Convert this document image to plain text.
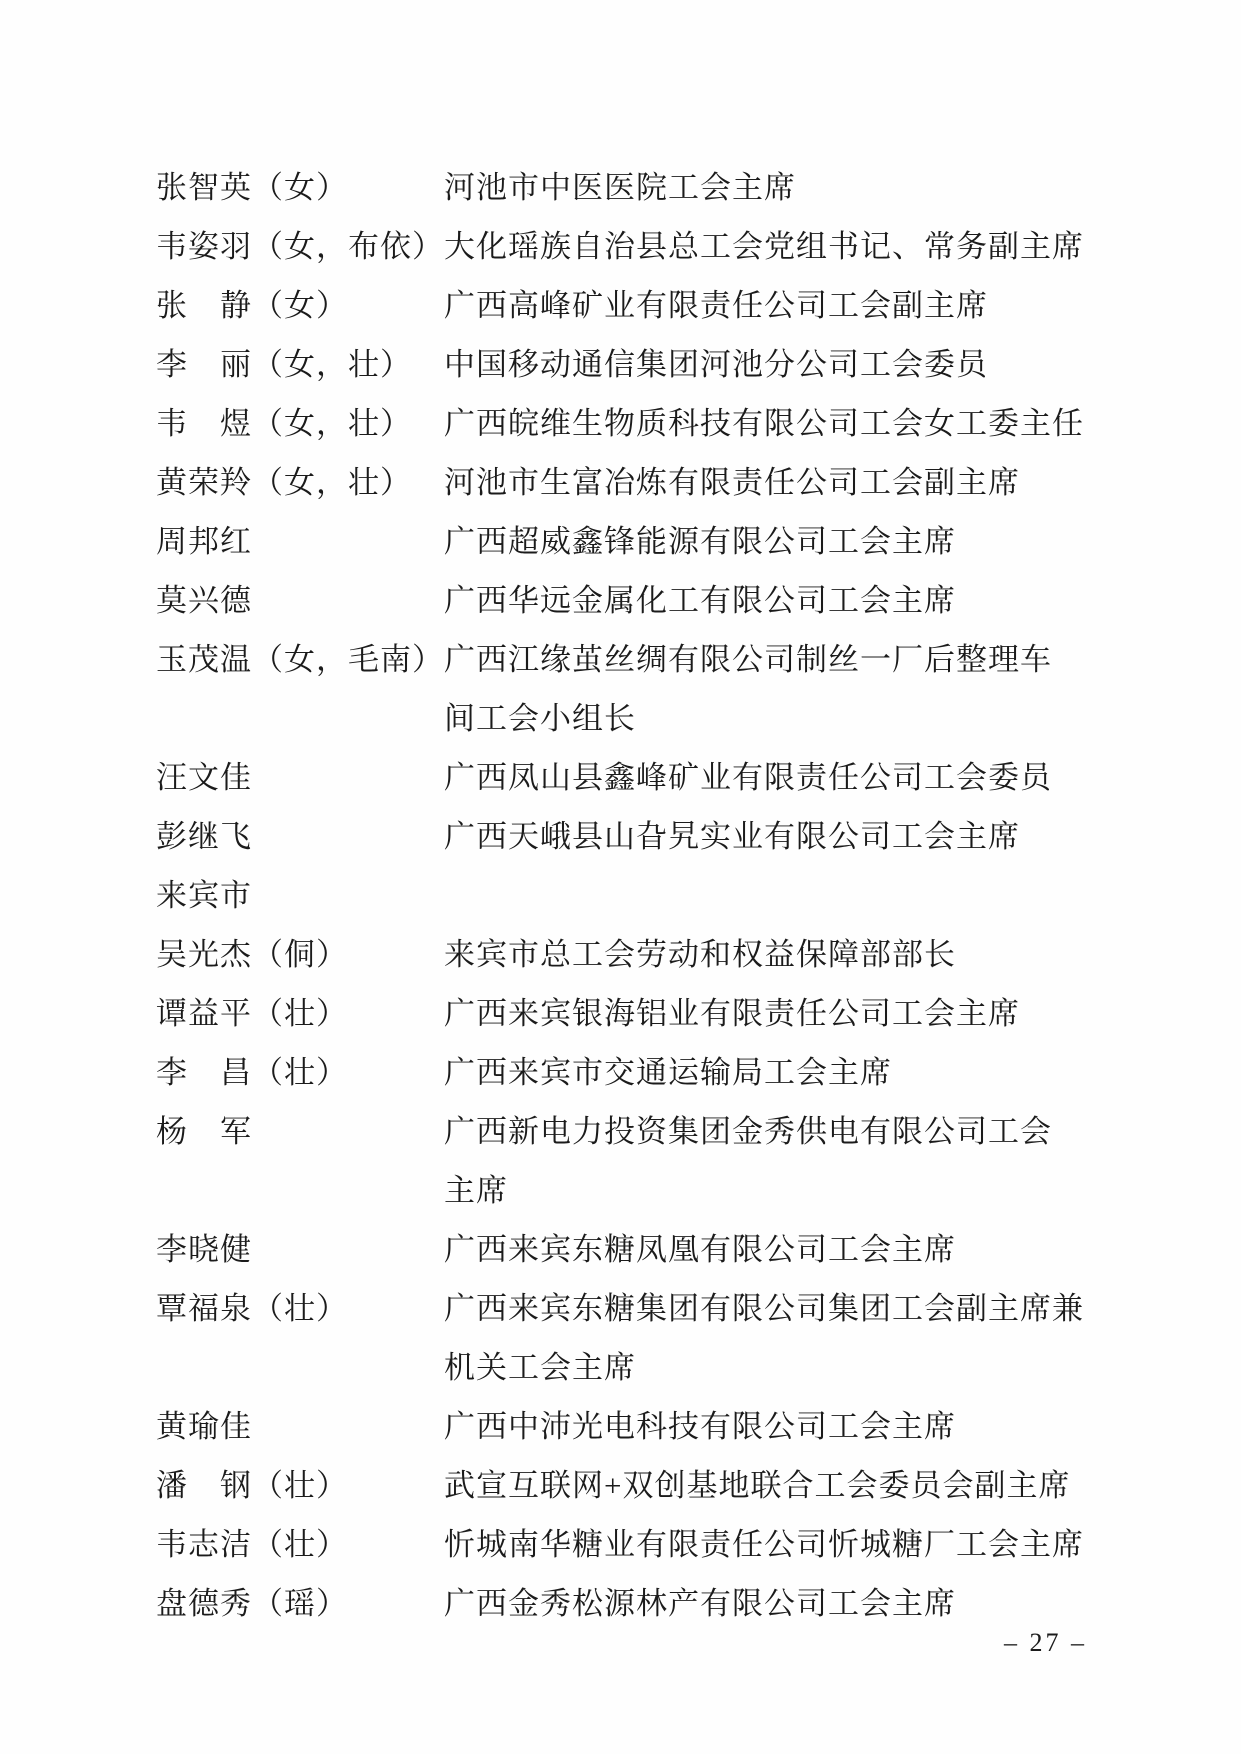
张智英（女）	河池市中医医院工会主席
韦姿羽（女，布依） 大化瑶族自治县总工会党组书记、常务副主席
张　静（女）	广西高峰矿业有限责任公司工会副主席
李　丽（女，壮）	中国移动通信集团河池分公司工会委员
韦　煜（女，壮）	广西皖维生物质科技有限公司工会女工委主任
黄荣羚（女，壮）	河池市生富冶炼有限责任公司工会副主席
周邦红	广西超威鑫锋能源有限公司工会主席
莫兴德	广西华远金属化工有限公司工会主席
玉茂温（女，毛南） 广西江缘茧丝绸有限公司制丝一厂后整理车
间工会小组长
汪文佳	广西凤山县鑫峰矿业有限责任公司工会委员
彭继飞	广西天峨县山旮旯实业有限公司工会主席
来宾市
吴光杰（侗）	来宾市总工会劳动和权益保障部部长
谭益平（壮）	广西来宾银海铝业有限责任公司工会主席
李　昌（壮）	广西来宾市交通运输局工会主席
杨　军	广西新电力投资集团金秀供电有限公司工会
主席
李晓健	广西来宾东糖凤凰有限公司工会主席
覃福泉（壮）	广西来宾东糖集团有限公司集团工会副主席兼
机关工会主席
黄瑜佳	广西中沛光电科技有限公司工会主席
潘　钢（壮）	武宣互联网+双创基地联合工会委员会副主席
韦志洁（壮）	忻城南华糖业有限责任公司忻城糖厂工会主席
盘德秀（瑶）	广西金秀松源林产有限公司工会主席
– 27 –
